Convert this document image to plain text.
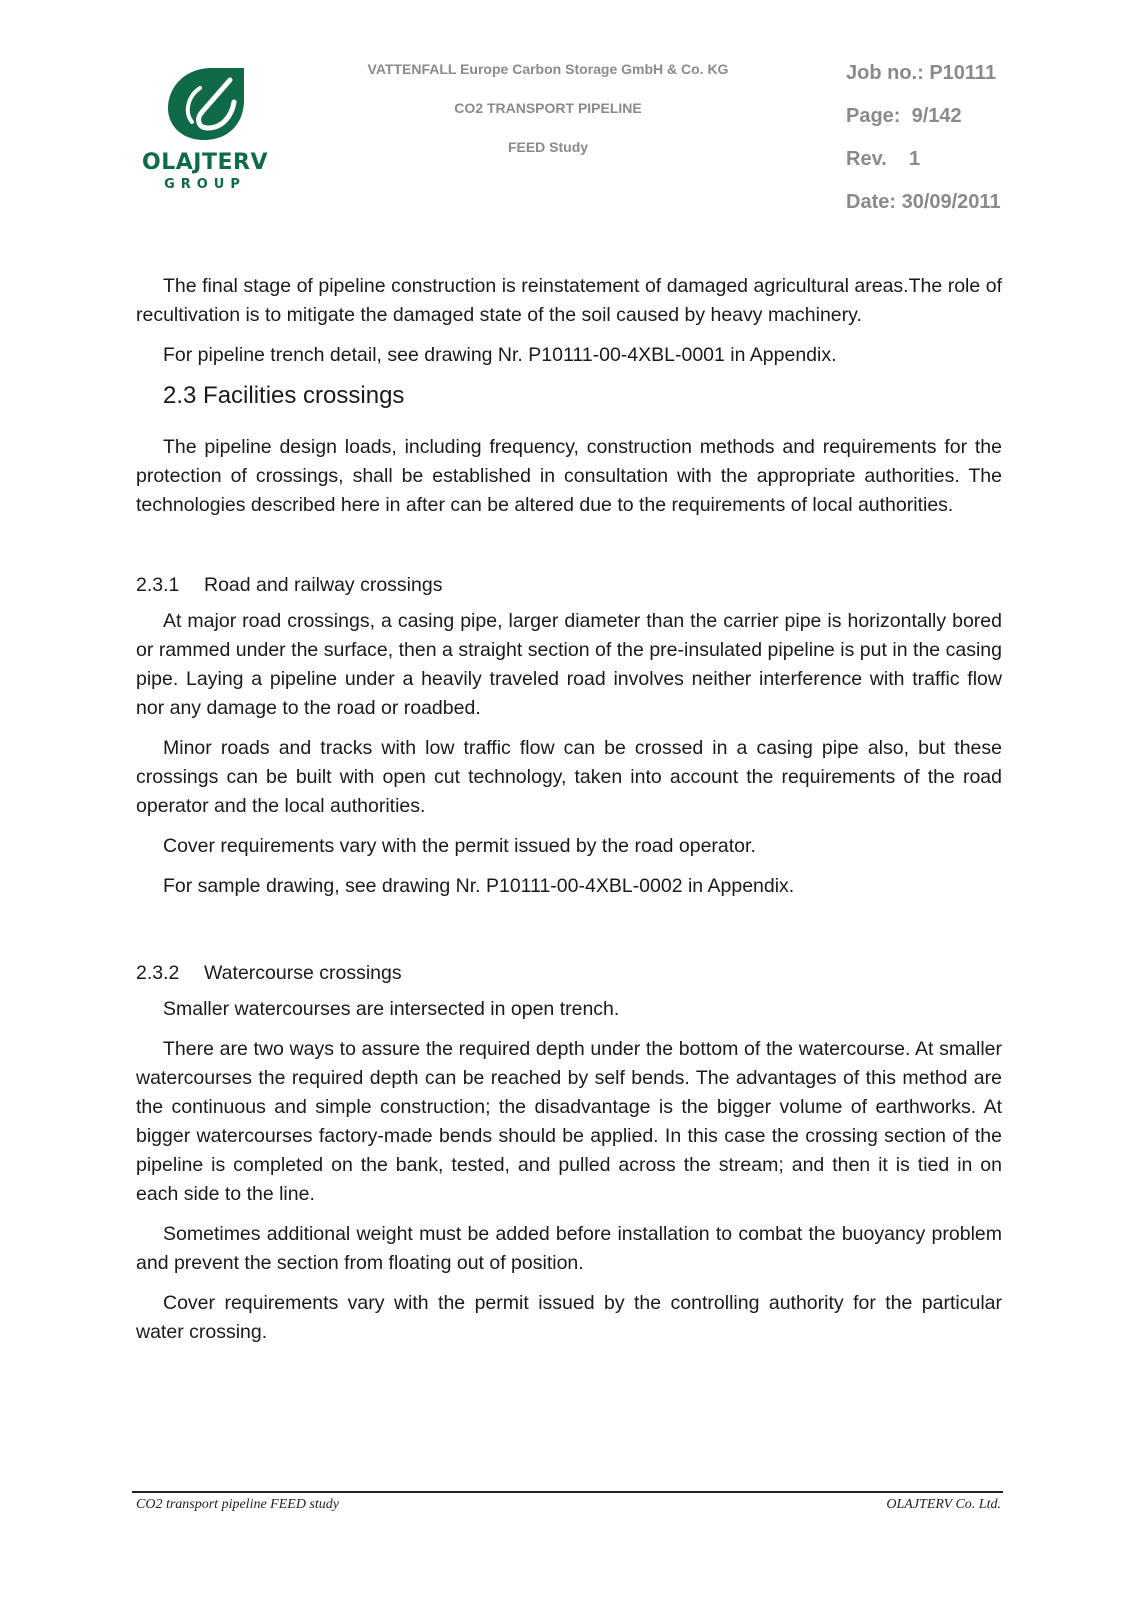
OLAJTERV
GROUP
VATTENFALL Europe Carbon Storage GmbH & Co. KG
CO2 TRANSPORT PIPELINE
FEED Study
Job no.: P10111
Page:  9/142
Rev.    1
Date: 30/09/2011

The final stage of pipeline construction is reinstatement of damaged agricultural areas.The role of recultivation is to mitigate the damaged state of the soil caused by heavy machinery.

For pipeline trench detail, see drawing Nr. P10111-00-4XBL-0001 in Appendix.

2.3 Facilities crossings

The pipeline design loads, including frequency, construction methods and requirements for the protection of crossings, shall be established in consultation with the appropriate authorities. The technologies described here in after can be altered due to the requirements of local authorities.

2.3.1 Road and railway crossings

At major road crossings, a casing pipe, larger diameter than the carrier pipe is horizontally bored or rammed under the surface, then a straight section of the pre-insulated pipeline is put in the casing pipe. Laying a pipeline under a heavily traveled road involves neither interference with traffic flow nor any damage to the road or roadbed.

Minor roads and tracks with low traffic flow can be crossed in a casing pipe also, but these crossings can be built with open cut technology, taken into account the requirements of the road operator and the local authorities.

Cover requirements vary with the permit issued by the road operator.

For sample drawing, see drawing Nr. P10111-00-4XBL-0002 in Appendix.

2.3.2 Watercourse crossings

Smaller watercourses are intersected in open trench.

There are two ways to assure the required depth under the bottom of the watercourse. At smaller watercourses the required depth can be reached by self bends. The advantages of this method are the continuous and simple construction; the disadvantage is the bigger volume of earthworks. At bigger watercourses factory-made bends should be applied. In this case the crossing section of the pipeline is completed on the bank, tested, and pulled across the stream; and then it is tied in on each side to the line.

Sometimes additional weight must be added before installation to combat the buoyancy problem and prevent the section from floating out of position.

Cover requirements vary with the permit issued by the controlling authority for the particular water crossing.

CO2 transport pipeline FEED study	OLAJTERV Co. Ltd.
